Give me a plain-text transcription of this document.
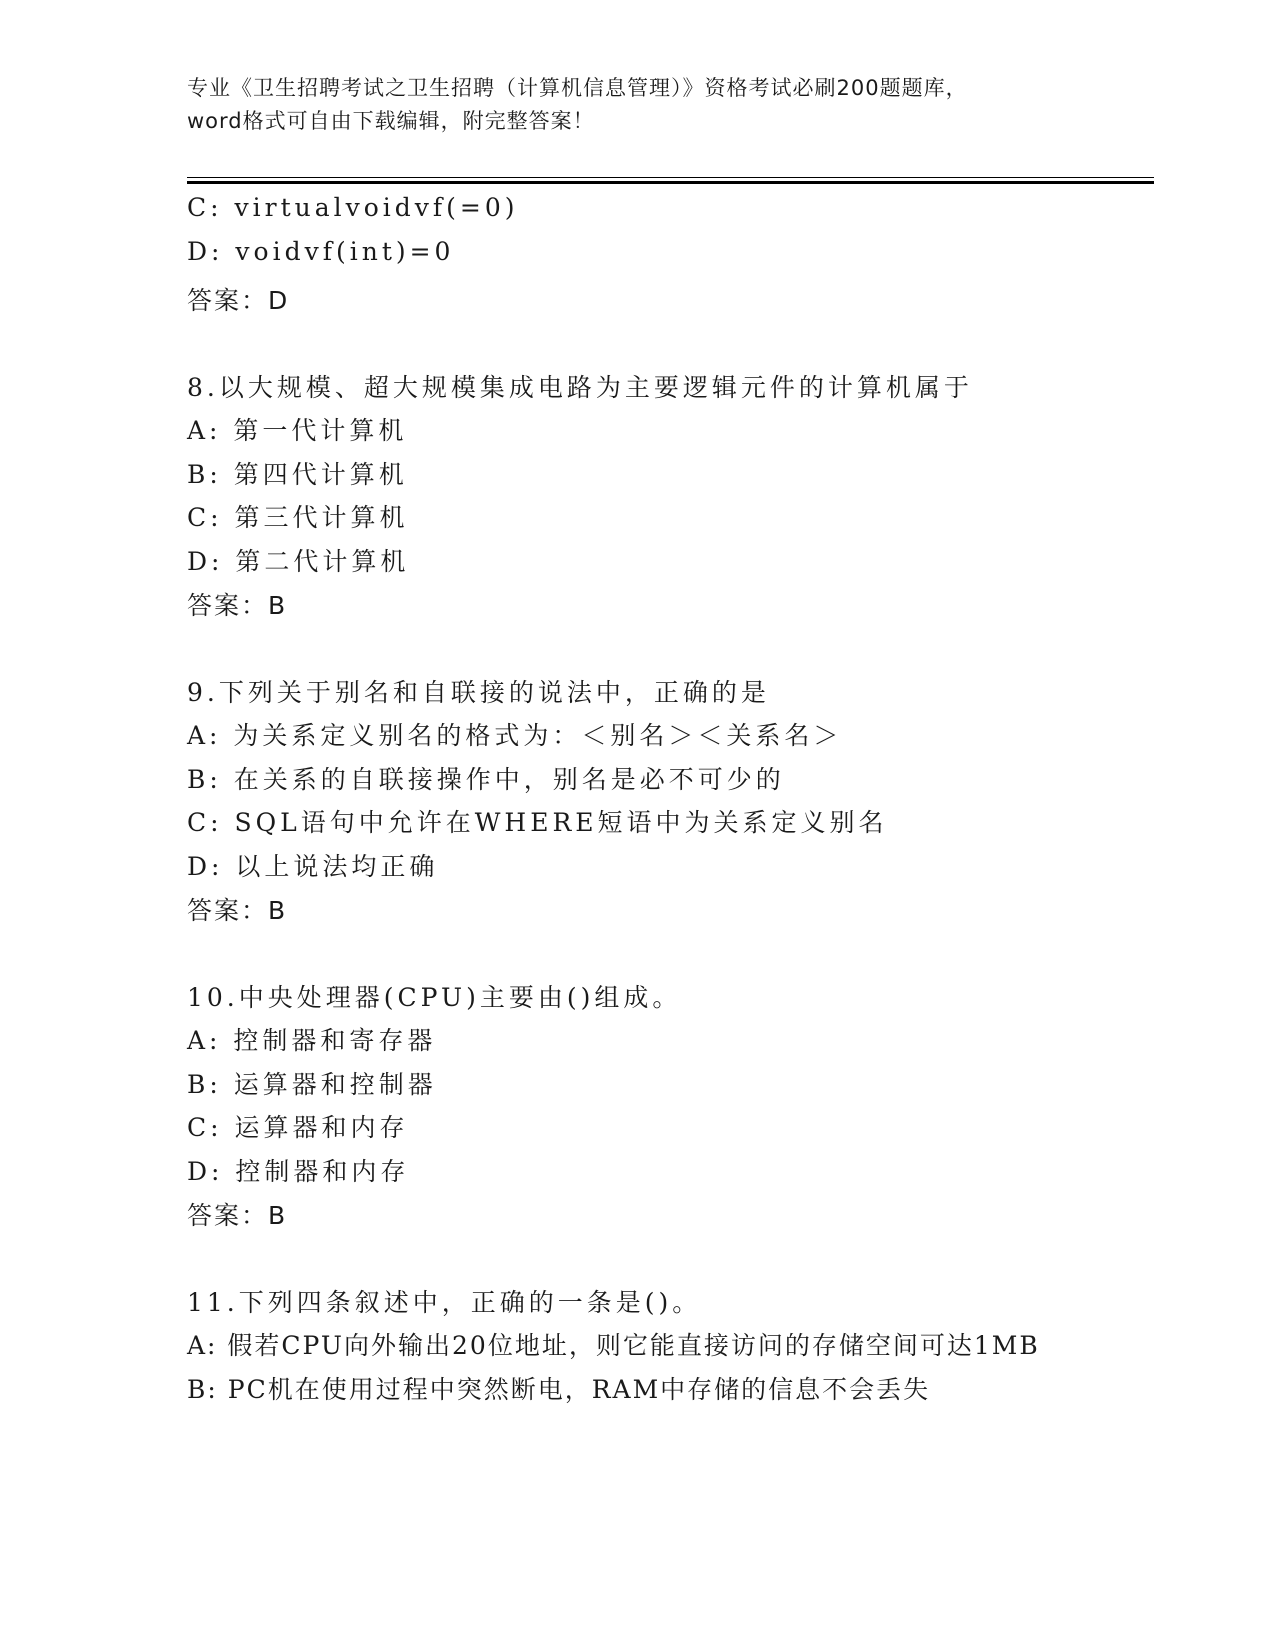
专业《卫生招聘考试之卫生招聘（计算机信息管理）》资格考试必刷200题题库，
word格式可自由下载编辑，附完整答案！
C: virtualvoidvf(=0)
D: voidvf(int)=0
答案：D
8.以大规模、超大规模集成电路为主要逻辑元件的计算机属于
A: 第一代计算机
B: 第四代计算机
C: 第三代计算机
D: 第二代计算机
答案：B
9.下列关于别名和自联接的说法中，正确的是
A: 为关系定义别名的格式为：＜别名＞＜关系名＞
B: 在关系的自联接操作中，别名是必不可少的
C: SQL语句中允许在WHERE短语中为关系定义别名
D: 以上说法均正确
答案：B
10.中央处理器(CPU)主要由()组成。
A: 控制器和寄存器
B: 运算器和控制器
C: 运算器和内存
D: 控制器和内存
答案：B
11.下列四条叙述中，正确的一条是()。
A: 假若CPU向外输出20位地址，则它能直接访问的存储空间可达1MB
B: PC机在使用过程中突然断电，RAM中存储的信息不会丢失
